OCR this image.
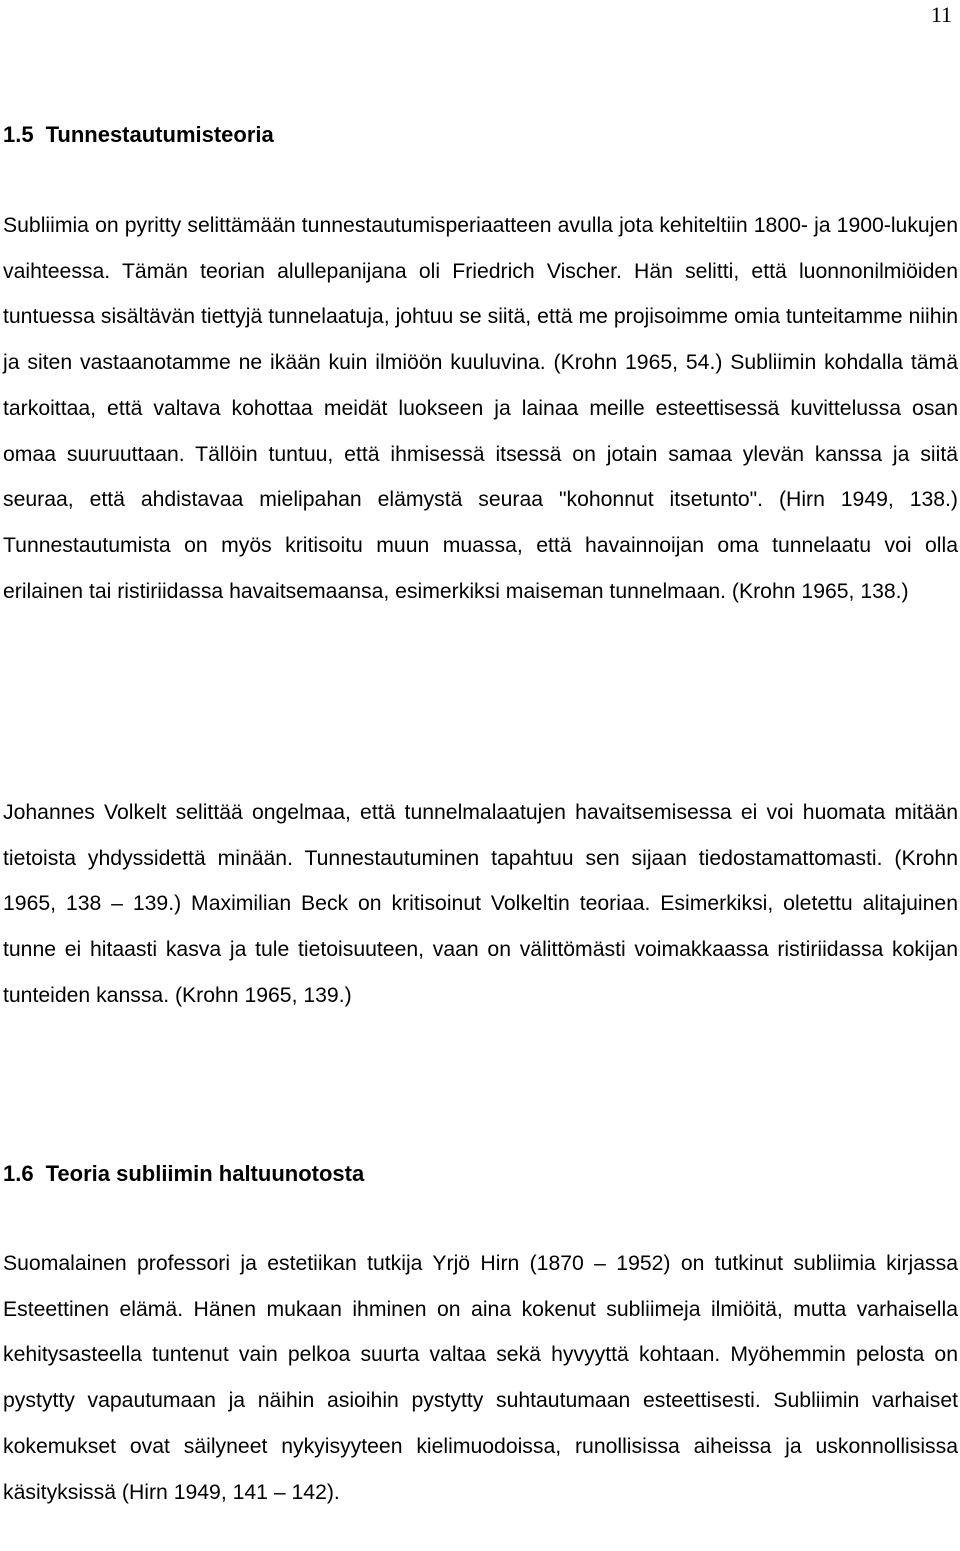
11
1.5 Tunnestautumisteoria

Subliimia on pyritty selittämään tunnestautumisperiaatteen avulla jota kehiteltiin 1800- ja 1900-lukujen vaihteessa. Tämän teorian alullepanijana oli Friedrich Vischer. Hän selitti, että luonnonilmiöiden tuntuessa sisältävän tiettyjä tunnelaatuja, johtuu se siitä, että me projisoimme omia tunteitamme niihin ja siten vastaanotamme ne ikään kuin ilmiöön kuuluvina. (Krohn 1965, 54.) Subliimin kohdalla tämä tarkoittaa, että valtava kohottaa meidät luokseen ja lainaa meille esteettisessä kuvittelussa osan omaa suuruuttaan. Tällöin tuntuu, että ihmisessä itsessä on jotain samaa ylevän kanssa ja siitä seuraa, että ahdistavaa mielipahan elämystä seuraa "kohonnut itsetunto". (Hirn 1949, 138.) Tunnestautumista on myös kritisoitu muun muassa, että havainnoijan oma tunnelaatu voi olla erilainen tai ristiriidassa havaitsemaansa, esimerkiksi maiseman tunnelmaan. (Krohn 1965, 138.)

Johannes Volkelt selittää ongelmaa, että tunnelmalaatujen havaitsemisessa ei voi huomata mitään tietoista yhdyssidettä minään. Tunnestautuminen tapahtuu sen sijaan tiedostamattomasti. (Krohn 1965, 138 – 139.) Maximilian Beck on kritisoinut Volkeltin teoriaa. Esimerkiksi, oletettu alitajuinen tunne ei hitaasti kasva ja tule tietoisuuteen, vaan on välittömästi voimakkaassa ristiriidassa kokijan tunteiden kanssa. (Krohn 1965, 139.)

1.6 Teoria subliimin haltuunotosta

Suomalainen professori ja estetiikan tutkija Yrjö Hirn (1870 – 1952) on tutkinut subliimia kirjassa Esteettinen elämä. Hänen mukaan ihminen on aina kokenut subliimeja ilmiöitä, mutta varhaisella kehitysasteella tuntenut vain pelkoa suurta valtaa sekä hyvyyttä kohtaan. Myöhemmin pelosta on pystytty vapautumaan ja näihin asioihin pystytty suhtautumaan esteettisesti. Subliimin varhaiset kokemukset ovat säilyneet nykyisyyteen kielimuodoissa, runollisissa aiheissa ja uskonnollisissa käsityksissä (Hirn 1949, 141 – 142).
